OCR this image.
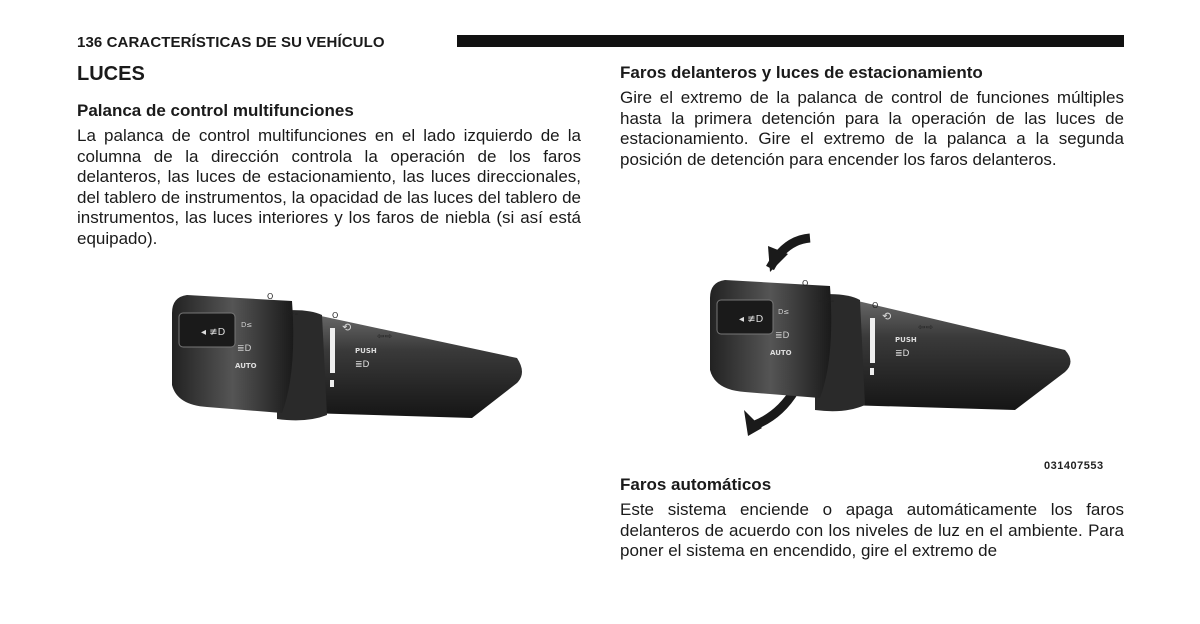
136 CARACTERÍSTICAS DE SU VEHÍCULO
LUCES
Palanca de control multifunciones

La palanca de control multifunciones en el lado izquierdo de la columna de la dirección controla la operación de los faros delanteros, las luces de estacionamiento, las luces direccionales, del tablero de instrumentos, la opacidad de las luces del tablero de instrumentos, las luces interiores y los faros de niebla (si así está equipado).

◂ ≢D
D≤
≣D
AUTO
O
-☼-	O
⟲
⇦⇨
PUSH
≣D
Faros delanteros y luces de estacionamiento

Gire el extremo de la palanca de control de funciones múltiples hasta la primera detención para la operación de las luces de estacionamiento. Gire el extremo de la palanca a la segunda posición de detención para encender los faros delanteros.

◂ ≢D
D≤
≣D
AUTO
O
-☼-	O
⟲
⇦⇨
PUSH
≣D
031407553
Faros automáticos

Este sistema enciende o apaga automáticamente los faros delanteros de acuerdo con los niveles de luz en el ambiente. Para poner el sistema en encendido, gire el extremo de
